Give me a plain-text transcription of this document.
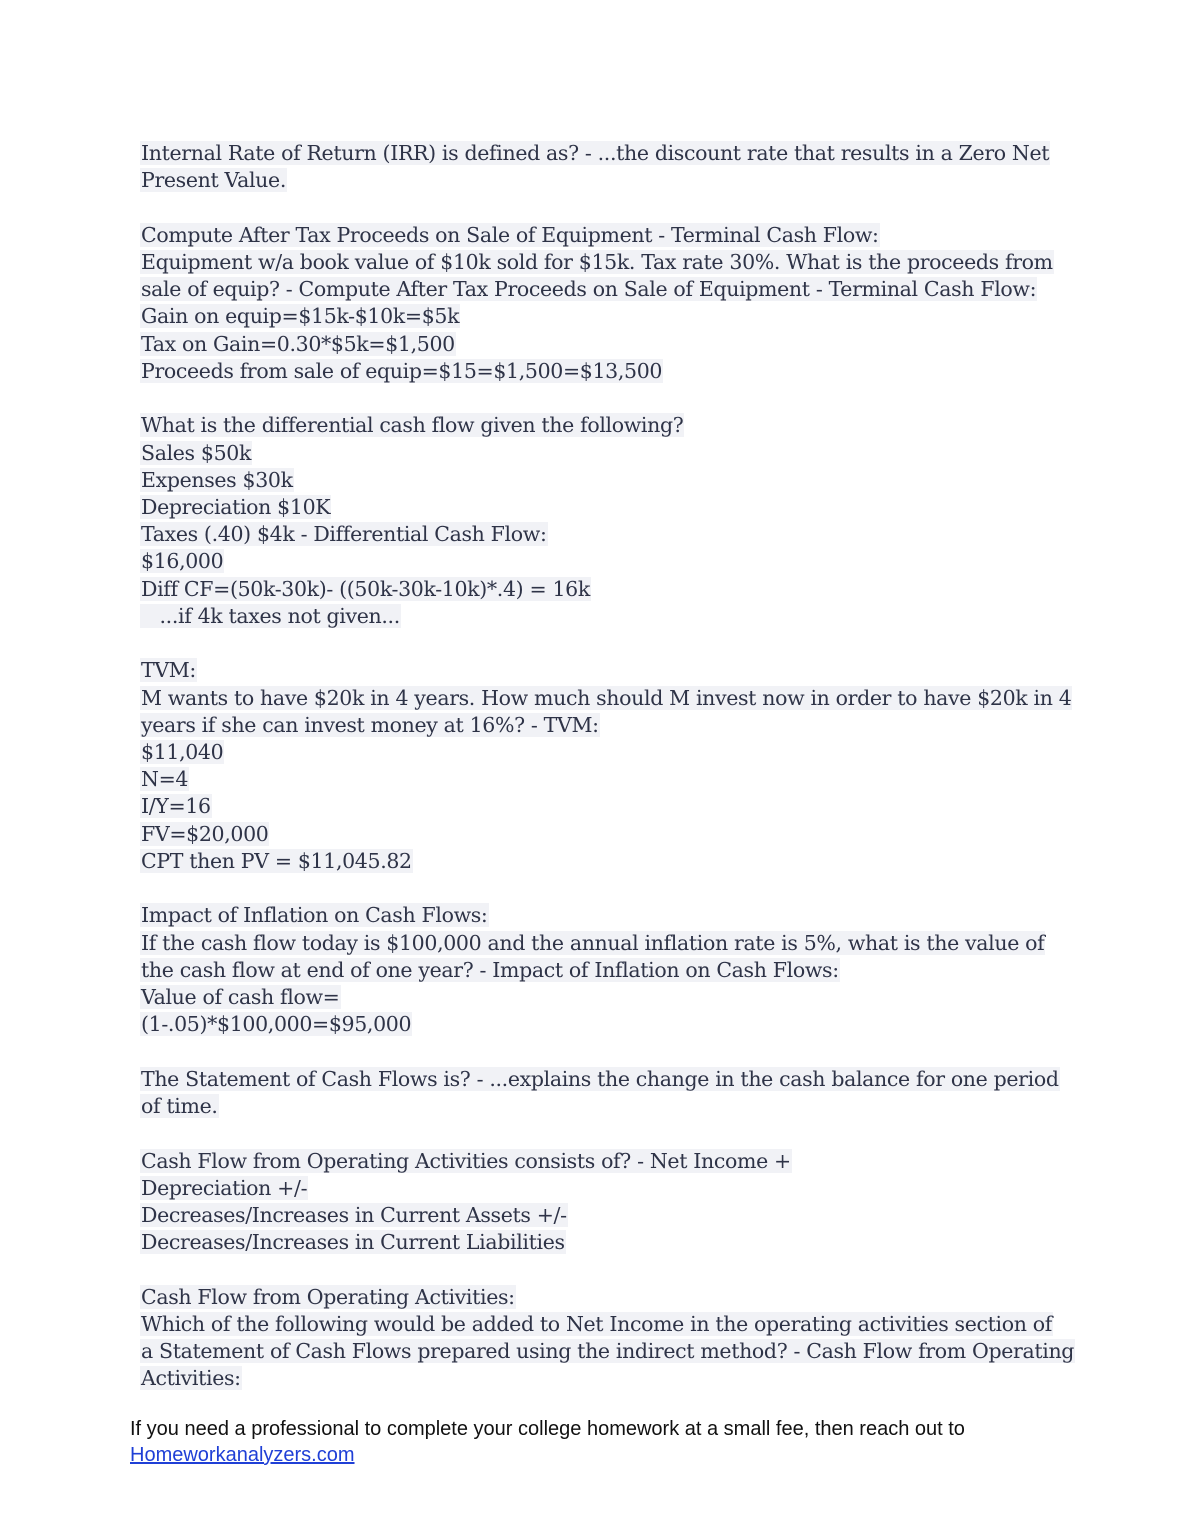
Internal Rate of Return (IRR) is defined as? - ...the discount rate that results in a Zero Net
Present Value.
Compute After Tax Proceeds on Sale of Equipment - Terminal Cash Flow:
Equipment w/a book value of $10k sold for $15k. Tax rate 30%. What is the proceeds from
sale of equip? - Compute After Tax Proceeds on Sale of Equipment - Terminal Cash Flow:
Gain on equip=$15k-$10k=$5k
Tax on Gain=0.30*$5k=$1,500
Proceeds from sale of equip=$15=$1,500=$13,500
What is the differential cash flow given the following?
Sales $50k
Expenses $30k
Depreciation $10K
Taxes (.40) $4k - Differential Cash Flow:
$16,000
Diff CF=(50k-30k)- ((50k-30k-10k)*.4) = 16k
...if 4k taxes not given...
TVM:
M wants to have $20k in 4 years. How much should M invest now in order to have $20k in 4
years if she can invest money at 16%? - TVM:
$11,040
N=4
I/Y=16
FV=$20,000
CPT then PV = $11,045.82
Impact of Inflation on Cash Flows:
If the cash flow today is $100,000 and the annual inflation rate is 5%, what is the value of
the cash flow at end of one year? - Impact of Inflation on Cash Flows:
Value of cash flow=
(1-.05)*$100,000=$95,000
The Statement of Cash Flows is? - ...explains the change in the cash balance for one period
of time.
Cash Flow from Operating Activities consists of? - Net Income +
Depreciation +/-
Decreases/Increases in Current Assets +/-
Decreases/Increases in Current Liabilities
Cash Flow from Operating Activities:
Which of the following would be added to Net Income in the operating activities section of
a Statement of Cash Flows prepared using the indirect method? - Cash Flow from Operating
Activities:
If you need a professional to complete your college homework at a small fee, then reach out to
Homeworkanalyzers.com
